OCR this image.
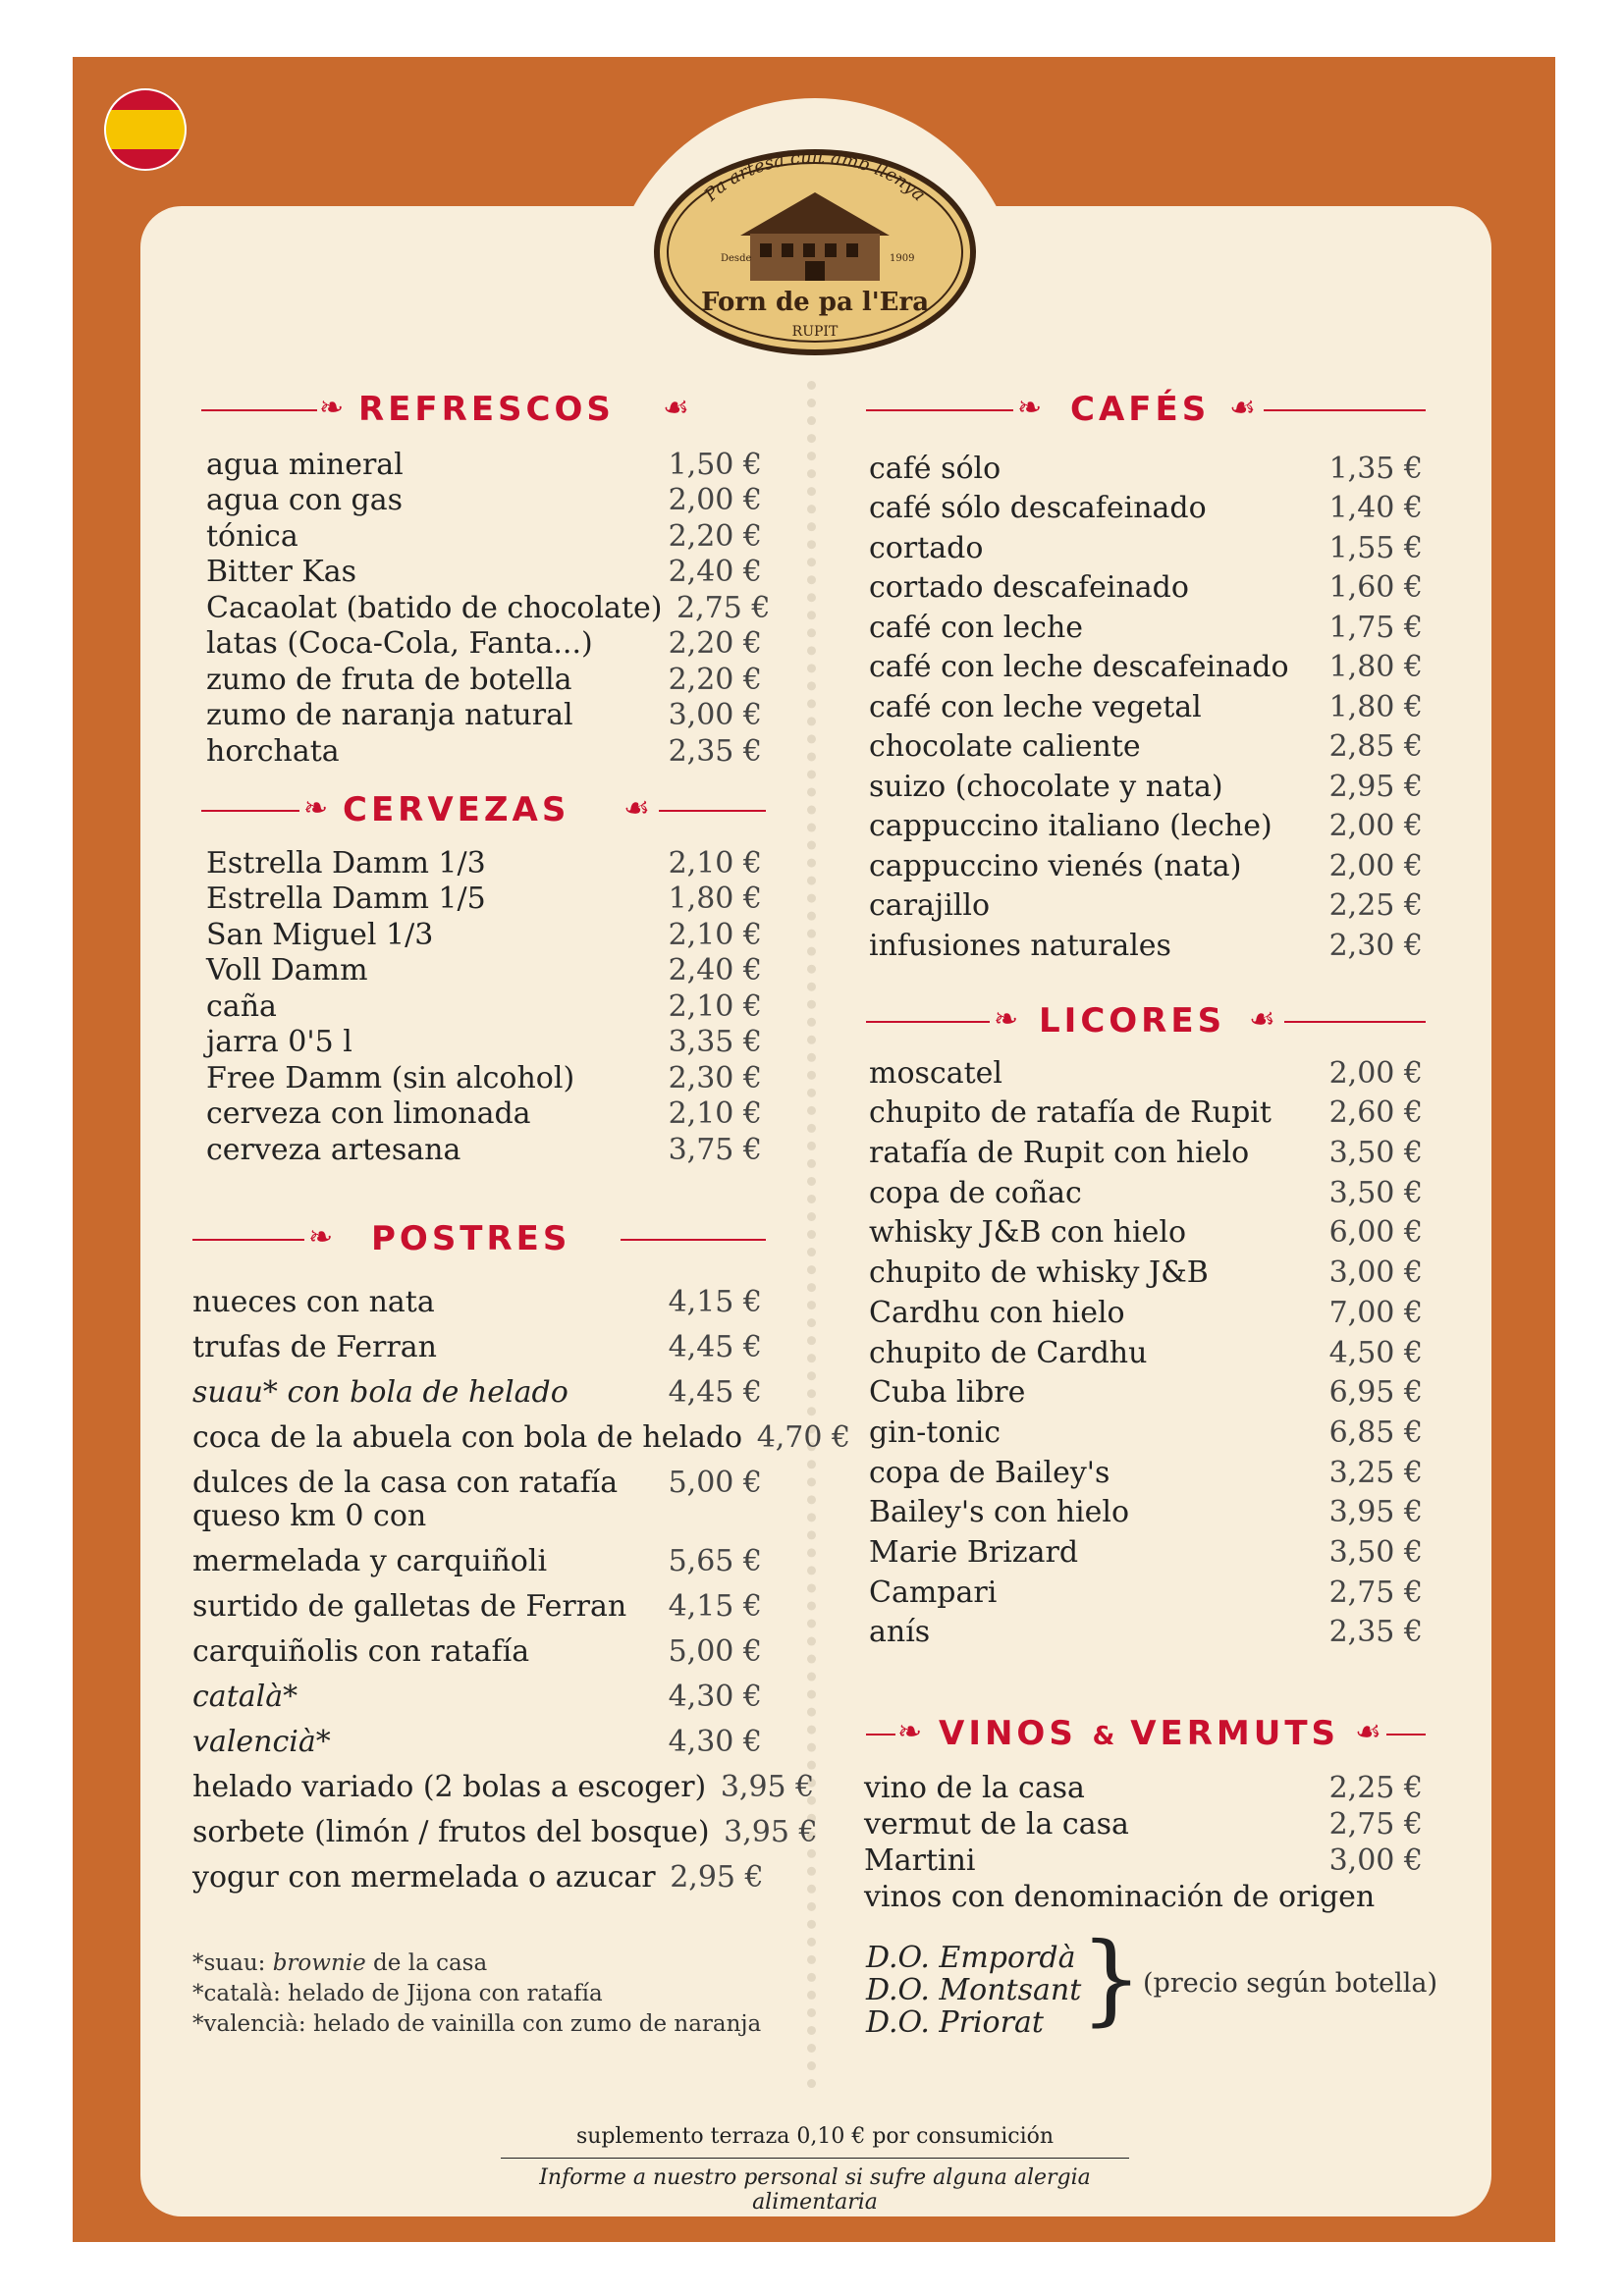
Pa artesà cuit amb llenya
Desde	1909
Forn de pa l'Era
RUPIT
❧ REFRESCOS ☙
agua mineral	1,50 €
agua con gas	2,00 €
tónica	2,20 €
Bitter Kas	2,40 €
Cacaolat (batido de chocolate) 2,75 €
latas (Coca-Cola, Fanta...)	2,20 €
zumo de fruta de botella	2,20 €
zumo de naranja natural	3,00 €
horchata	2,35 €
❧ CERVEZAS ☙
Estrella Damm 1/3	2,10 €
Estrella Damm 1/5	1,80 €
San Miguel 1/3	2,10 €
Voll Damm	2,40 €
caña	2,10 €
jarra 0'5 l	3,35 €
Free Damm (sin alcohol)	2,30 €
cerveza con limonada	2,10 €
cerveza artesana	3,75 €
❧ POSTRES
nueces con nata	4,15 €
trufas de Ferran	4,45 €
suau* con bola de helado	4,45 €
coca de la abuela con bola de helado 4,70 €
dulces de la casa con ratafía	5,00 €
queso km 0 con
mermelada y carquiñoli	5,65 €
surtido de galletas de Ferran	4,15 €
carquiñolis con ratafía	5,00 €
català*	4,30 €
valencià*	4,30 €
helado variado (2 bolas a escoger) 3,95 €
sorbete (limón / frutos del bosque) 3,95 €
yogur con mermelada o azucar 2,95 €
*suau: brownie de la casa
*català: helado de Jijona con ratafía
*valencià: helado de vainilla con zumo de naranja
❧ CAFÉS ☙
café sólo	1,35 €
café sólo descafeinado	1,40 €
cortado	1,55 €
cortado descafeinado	1,60 €
café con leche	1,75 €
café con leche descafeinado	1,80 €
café con leche vegetal	1,80 €
chocolate caliente	2,85 €
suizo (chocolate y nata)	2,95 €
cappuccino italiano (leche)	2,00 €
cappuccino vienés (nata)	2,00 €
carajillo	2,25 €
infusiones naturales	2,30 €
❧ LICORES ☙
moscatel	2,00 €
chupito de ratafía de Rupit	2,60 €
ratafía de Rupit con hielo	3,50 €
copa de coñac	3,50 €
whisky J&B con hielo	6,00 €
chupito de whisky J&B	3,00 €
Cardhu con hielo	7,00 €
chupito de Cardhu	4,50 €
Cuba libre	6,95 €
gin-tonic	6,85 €
copa de Bailey's	3,25 €
Bailey's con hielo	3,95 €
Marie Brizard	3,50 €
Campari	2,75 €
anís	2,35 €
❧ VINOS & VERMUTS ☙
vino de la casa	2,25 €
vermut de la casa	2,75 €
Martini	3,00 €
vinos con denominación de origen
D.O. Empordà
D.O. Montsant
D.O. Priorat } (precio según botella)
suplemento terraza 0,10 € por consumición
Informe a nuestro personal si sufre alguna alergia alimentaria
